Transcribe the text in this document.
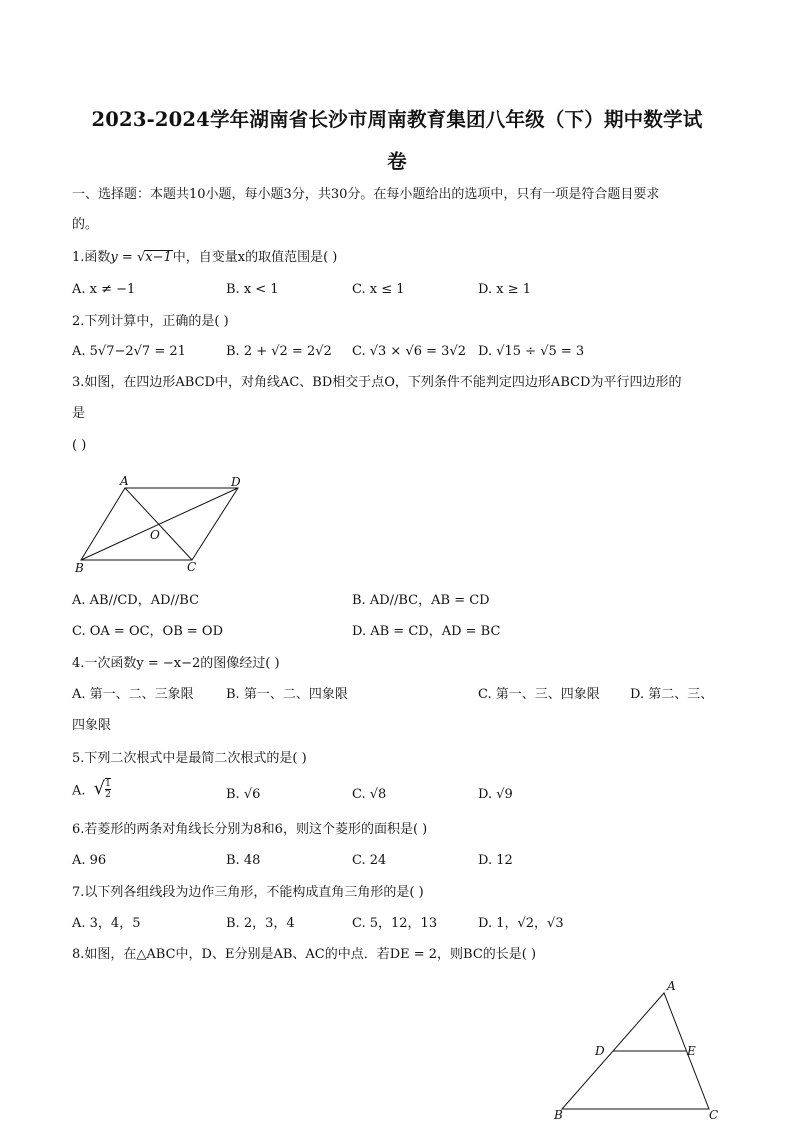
2023-2024学年湖南省长沙市周南教育集团八年级（下）期中数学试
卷
一、选择题：本题共10小题，每小题3分，共30分。在每小题给出的选项中，只有一项是符合题目要求
的。
1.函数y = √ x−1中，自变量x的取值范围是( )
A. x ≠ −1	B. x < 1	C. x ≤ 1	D. x ≥ 1
2.下列计算中，正确的是( )
A. 5√7−2√7 = 21	B. 2 + √2 = 2√2 C. √3 × √6 = 3√2 D. √15 ÷ √5 = 3
3.如图，在四边形ABCD中，对角线AC、BD相交于点O，下列条件不能判定四边形ABCD为平行四边形的
是
( )
A	D
O
B	C
A. AB//CD，AD//BC	B. AD//BC，AB = CD
C. OA = OC，OB = OD	D. AB = CD，AD = BC
4.一次函数y = −x−2的图像经过( )
A. 第一、二、三象限 B. 第一、二、四象限	C. 第一、三、四象限 D. 第二、三、
四象限
5.下列二次根式中是最简二次根式的是( )
A. √ $\frac{1}{2}$	B. √6	C. √8	D. √9
6.若菱形的两条对角线长分别为8和6，则这个菱形的面积是( )
A. 96	B. 48	C. 24	D. 12
7.以下列各组线段为边作三角形，不能构成直角三角形的是( )
A. 3，4，5	B. 2，3，4	C. 5，12，13	D. 1，√2，√3
8.如图，在△ABC中，D、E分别是AB、AC的中点．若DE = 2，则BC的长是( )
A
D	E
B	C
